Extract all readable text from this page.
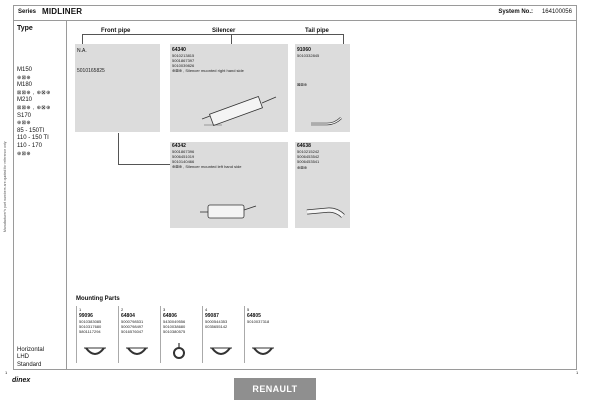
Series MIDLINER	System No.: 164100056
Type
M150
⊕⊠⊕
M180
⊠⊠⊕ , ⊕⊠⊕
M210
⊠⊠⊕ , ⊕⊠⊕
S170
⊕⊠⊕
85 - 150TI
110 - 150 TI
110 - 170
⊕⊠⊕
Horizontal
LHD
Standard
Manufacturer's part numbers are quoted for reference only
Front pipe	Silencer	Tail pipe
N.A.
5010165825
64340
5010213815
5001867397
5010039826
⊕⊠⊕ , Silencer muonted right hand side
91060
5010332845
⊠⊠⊕
64342
5001867396
5006451019
5010140466
⊕⊠⊕ , Silencer mounted left hand side
64638
5010215242
5006453542
5006453541
⊕⊠⊕
Mounting Parts
1
99096
5010383085
5010317680
5801117294
2
64804
5000798531
5000798497
5016576047
3
64806
5430049556
5010038680
5010380575
4
99087
5000544353
0035655142
5
64805
5010037318
dinex
1	1
RENAULT
